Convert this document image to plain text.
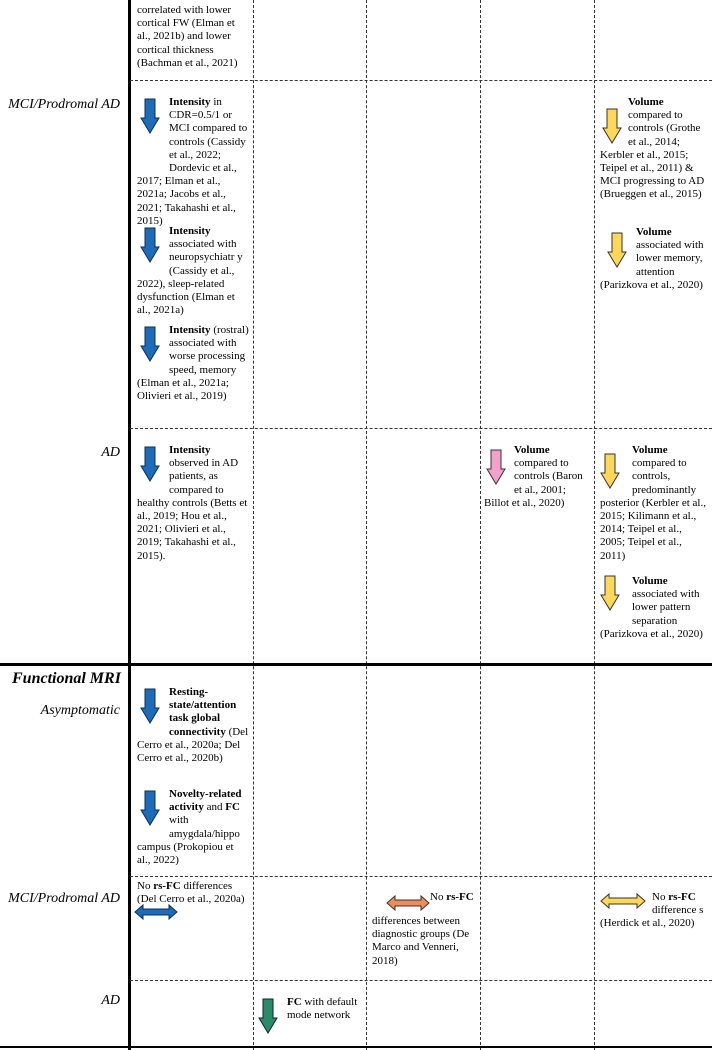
MCI/Prodromal AD
AD
Functional MRI
Asymptomatic
MCI/Prodromal AD
AD
correlated with lower cortical FW (Elman et al., 2021b) and lower cortical thickness (Bachman et al., 2021)
Intensity in CDR=0.5/1 or MCI compared to controls (Cassidy et al., 2022; Dordevic et al., 2017; Elman et al., 2021a; Jacobs et al., 2021; Takahashi et al., 2015)
Intensity associated with neuropsychiatr y (Cassidy et al., 2022), sleep-related dysfunction (Elman et al., 2021a)
Intensity (rostral) associated with worse processing speed, memory (Elman et al., 2021a; Olivieri et al., 2019)
Volume compared to controls (Grothe et al., 2014; Kerbler et al., 2015; Teipel et al., 2011) & MCI progressing to AD (Brueggen et al., 2015)
Volume associated with lower memory, attention (Parizkova et al., 2020)
Intensity observed in AD patients, as compared to healthy controls (Betts et al., 2019; Hou et al., 2021; Olivieri et al., 2019; Takahashi et al., 2015).
Volume compared to controls (Baron et al., 2001; Billot et al., 2020)
Volume compared to controls, predominantly posterior (Kerbler et al., 2015; Kilimann et al., 2014; Teipel et al., 2005; Teipel et al., 2011)
Volume associated with lower pattern separation (Parizkova et al., 2020)
Resting-state/attention task global connectivity (Del Cerro et al., 2020a; Del Cerro et al., 2020b)
Novelty-related activity and FC with amygdala/hippo campus (Prokopiou et al., 2022)
No rs-FC differences (Del Cerro et al., 2020a)	No rs-FC differences between diagnostic groups (De Marco and Venneri, 2018)
No rs-FC difference s (Herdick et al., 2020)
FC with default mode network
